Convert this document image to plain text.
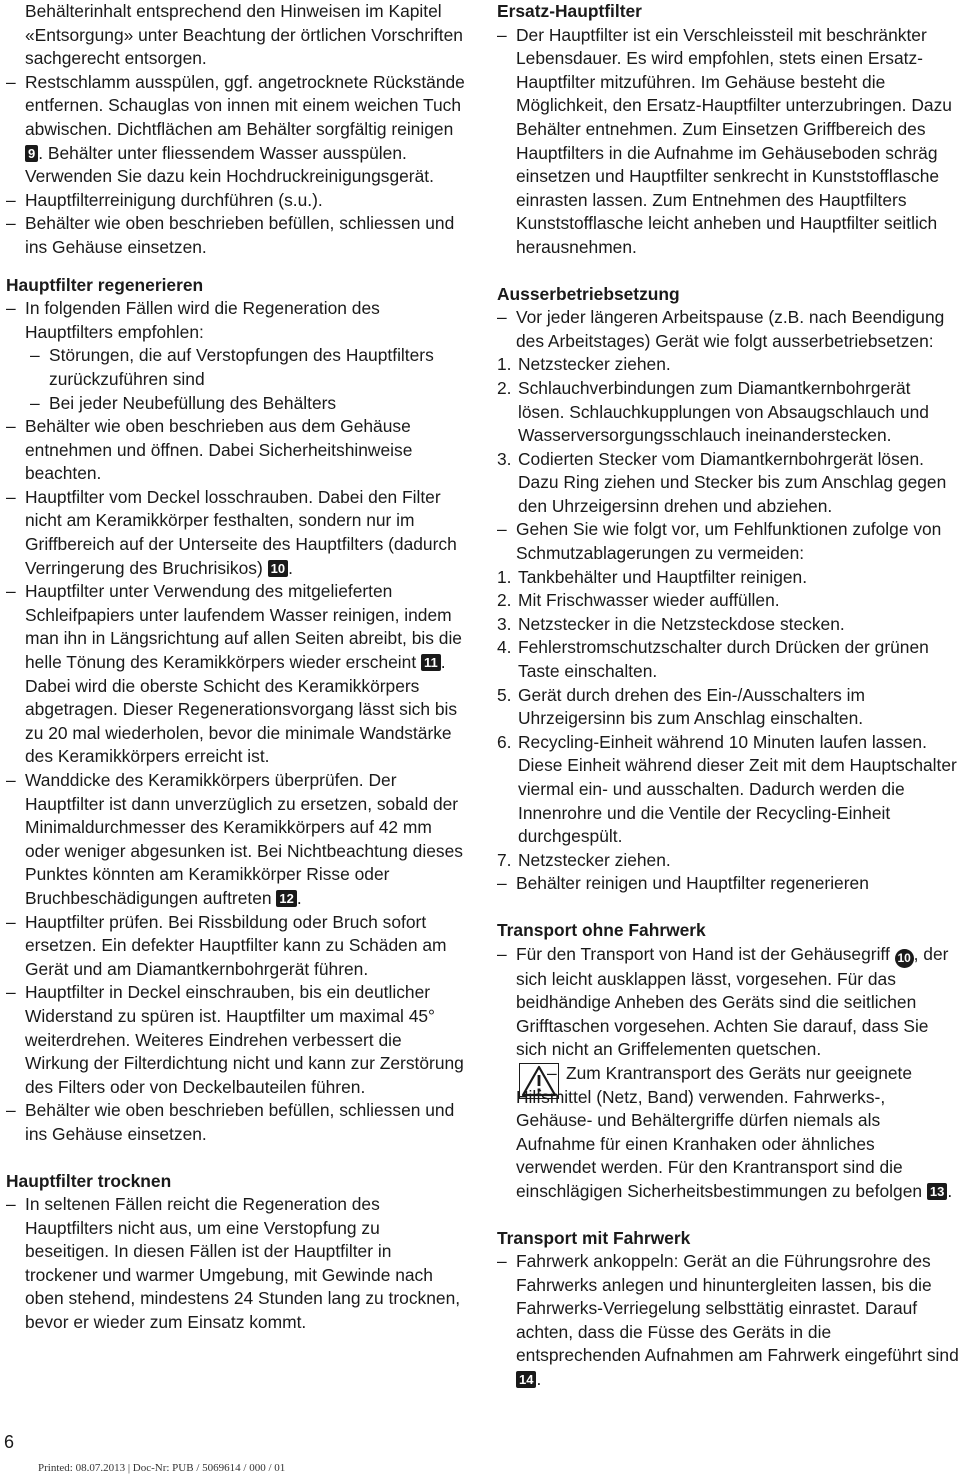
Behälterinhalt entsprechend den Hinweisen im Kapitel «Entsorgung» unter Beachtung der örtlichen Vorschriften sachgerecht entsorgen.

– Restschlamm ausspülen, ggf. angetrocknete Rückstände entfernen. Schauglas von innen mit einem weichen Tuch abwischen. Dichtflächen am Behälter sorgfältig reinigen 9 . Behälter unter fliessendem Wasser ausspülen. Verwenden Sie dazu kein Hochdruckreinigungsgerät.

– Hauptfilterreinigung durchführen (s.u.).

– Behälter wie oben beschrieben befüllen, schliessen und ins Gehäuse einsetzen.

Hauptfilter regenerieren

– In folgenden Fällen wird die Regeneration des Hauptfilters empfohlen:

– Störungen, die auf Verstopfungen des Hauptfilters zurückzuführen sind

– Bei jeder Neubefüllung des Behälters

– Behälter wie oben beschrieben aus dem Gehäuse entnehmen und öffnen. Dabei Sicherheitshinweise beachten.

– Hauptfilter vom Deckel losschrauben. Dabei den Filter nicht am Keramikkörper festhalten, sondern nur im Griffbereich auf der Unterseite des Hauptfilters (dadurch Verringerung des Bruchrisikos) 10 .

– Hauptfilter unter Verwendung des mitgelieferten Schleifpapiers unter laufendem Wasser reinigen, indem man ihn in Längsrichtung auf allen Seiten abreibt, bis die helle Tönung des Keramikkörpers wieder erscheint 11 .

Dabei wird die oberste Schicht des Keramikkörpers abgetragen. Dieser Regenerationsvorgang lässt sich bis zu 20 mal wiederholen, bevor die minimale Wandstärke des Keramikkörpers erreicht ist.

– Wanddicke des Keramikkörpers überprüfen. Der Hauptfilter ist dann unverzüglich zu ersetzen, sobald der Minimaldurchmesser des Keramikkörpers auf 42 mm oder weniger abgesunken ist. Bei Nichtbeachtung dieses Punktes könnten am Keramikkörper Risse oder Bruchbeschädigungen auftreten 12 .

– Hauptfilter prüfen. Bei Rissbildung oder Bruch sofort ersetzen. Ein defekter Hauptfilter kann zu Schäden am Gerät und am Diamantkernbohrgerät führen.

– Hauptfilter in Deckel einschrauben, bis ein deutlicher Widerstand zu spüren ist. Hauptfilter um maximal 45° weiterdrehen. Weiteres Eindrehen verbessert die Wirkung der Filterdichtung nicht und kann zur Zerstörung des Filters oder von Deckelbauteilen führen.

– Behälter wie oben beschrieben befüllen, schliessen und ins Gehäuse einsetzen.

Hauptfilter trocknen

– In seltenen Fällen reicht die Regeneration des Hauptfilters nicht aus, um eine Verstopfung zu beseitigen. In diesen Fällen ist der Hauptfilter in trockener und warmer Umgebung, mit Gewinde nach oben stehend, mindestens 24 Stunden lang zu trocknen, bevor er wieder zum Einsatz kommt.

Ersatz-Hauptfilter

– Der Hauptfilter ist ein Verschleissteil mit beschränkter Lebensdauer. Es wird empfohlen, stets einen Ersatz-Hauptfilter mitzuführen. Im Gehäuse besteht die Möglichkeit, den Ersatz-Hauptfilter unterzubringen. Dazu Behälter entnehmen. Zum Einsetzen Griffbereich des Hauptfilters in die Aufnahme im Gehäuseboden schräg einsetzen und Hauptfilter senkrecht in Kunststofflasche einrasten lassen. Zum Entnehmen des Hauptfilters Kunststofflasche leicht anheben und Hauptfilter seitlich herausnehmen.

Ausserbetriebsetzung

– Vor jeder längeren Arbeitspause (z.B. nach Beendigung des Arbeitstages) Gerät wie folgt ausserbetriebsetzen:

1. Netzstecker ziehen.

2. Schlauchverbindungen zum Diamantkernbohrgerät lösen. Schlauchkupplungen von Absaugschlauch und Wasserversorgungsschlauch ineinanderstecken.

3. Codierten Stecker vom Diamantkernbohrgerät lösen. Dazu Ring ziehen und Stecker bis zum Anschlag gegen den Uhrzeigersinn drehen und abziehen.

– Gehen Sie wie folgt vor, um Fehlfunktionen zufolge von Schmutzablagerungen zu vermeiden:

1. Tankbehälter und Hauptfilter reinigen.

2. Mit Frischwasser wieder auffüllen.

3. Netzstecker in die Netzsteckdose stecken.

4. Fehlerstromschutzschalter durch Drücken der grünen Taste einschalten.

5. Gerät durch drehen des Ein-/Ausschalters im Uhrzeigersinn bis zum Anschlag einschalten.

6. Recycling-Einheit während 10 Minuten laufen lassen. Diese Einheit während dieser Zeit mit dem Hauptschalter viermal ein- und ausschalten. Dadurch werden die Innenrohre und die Ventile der Recycling-Einheit durchgespült.

7. Netzstecker ziehen.

– Behälter reinigen und Hauptfilter regenerieren

Transport ohne Fahrwerk

– Für den Transport von Hand ist der Gehäusegriff 10 , der sich leicht ausklappen lässt, vorgesehen. Für das beidhändige Anheben des Geräts sind die seitlichen Grifftaschen vorgesehen. Achten Sie darauf, dass Sie sich nicht an Griffelementen quetschen.

– Zum Krantransport des Geräts nur geeignete Hilfsmittel (Netz, Band) verwenden. Fahrwerks-, Gehäuse- und Behältergriffe dürfen niemals als Aufnahme für einen Kranhaken oder ähnliches verwendet werden. Für den Krantransport sind die einschlägigen Sicherheitsbestimmungen zu befolgen 13 .

Transport mit Fahrwerk

– Fahrwerk ankoppeln: Gerät an die Führungsrohre des Fahrwerks anlegen und hinuntergleiten lassen, bis die Fahrwerks-Verriegelung selbsttätig einrastet. Darauf achten, dass die Füsse des Geräts in die entsprechenden Aufnahmen am Fahrwerk eingeführt sind 14 .

6
Printed: 08.07.2013 | Doc-Nr: PUB / 5069614 / 000 / 01
